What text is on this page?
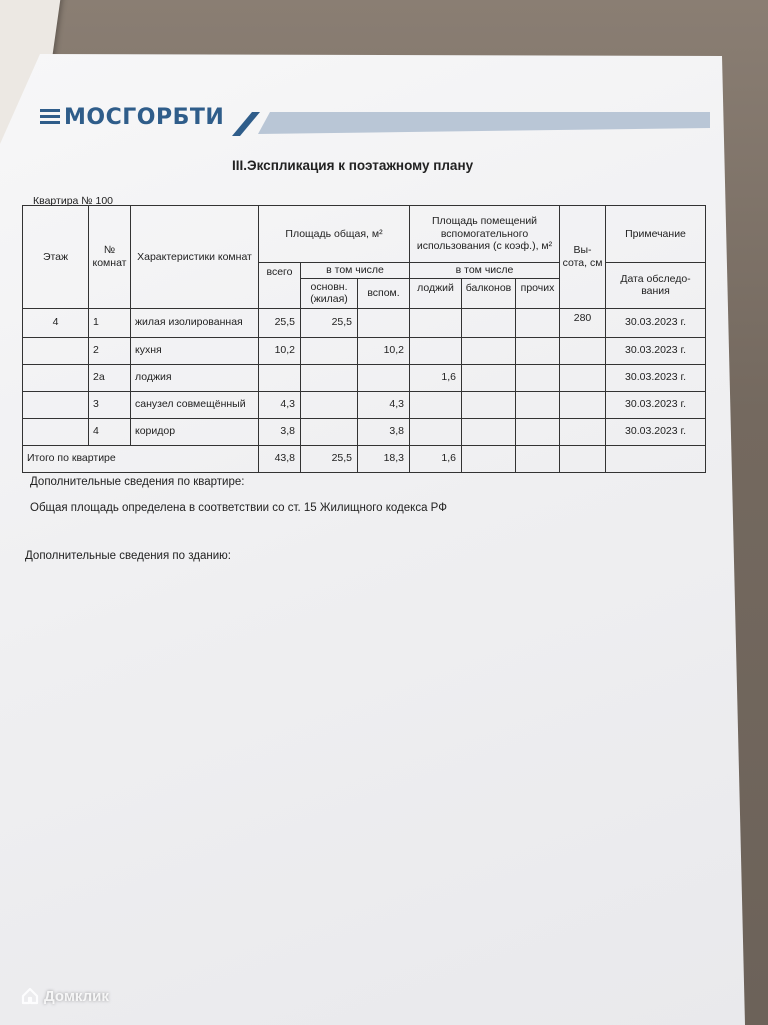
МОСГОРБТИ
III.Экспликация к поэтажному плану
Квартира № 100
Этаж	№ комнат	Характеристики комнат	Площадь общая, м²			Площадь помещений вспомогательного использования (с коэф.), м²			Вы-сота, см	Примечание
			всего	в том числе		в том числе				Дата обследо-вания
				основн. (жилая)	вспом.	лоджий	балконов	прочих		
4	1	жилая изолированная	25,5	25,5					280	30.03.2023 г.
	2	кухня	10,2		10,2					30.03.2023 г.
	2а	лоджия				1,6				30.03.2023 г.
	3	санузел совмещённый	4,3		4,3					30.03.2023 г.
	4	коридор	3,8		3,8					30.03.2023 г.
Итого по квартире			43,8	25,5	18,3	1,6				
Дополнительные сведения по квартире:
Общая площадь определена в соответствии со ст. 15 Жилищного кодекса РФ
Дополнительные сведения по зданию:
Домклик
